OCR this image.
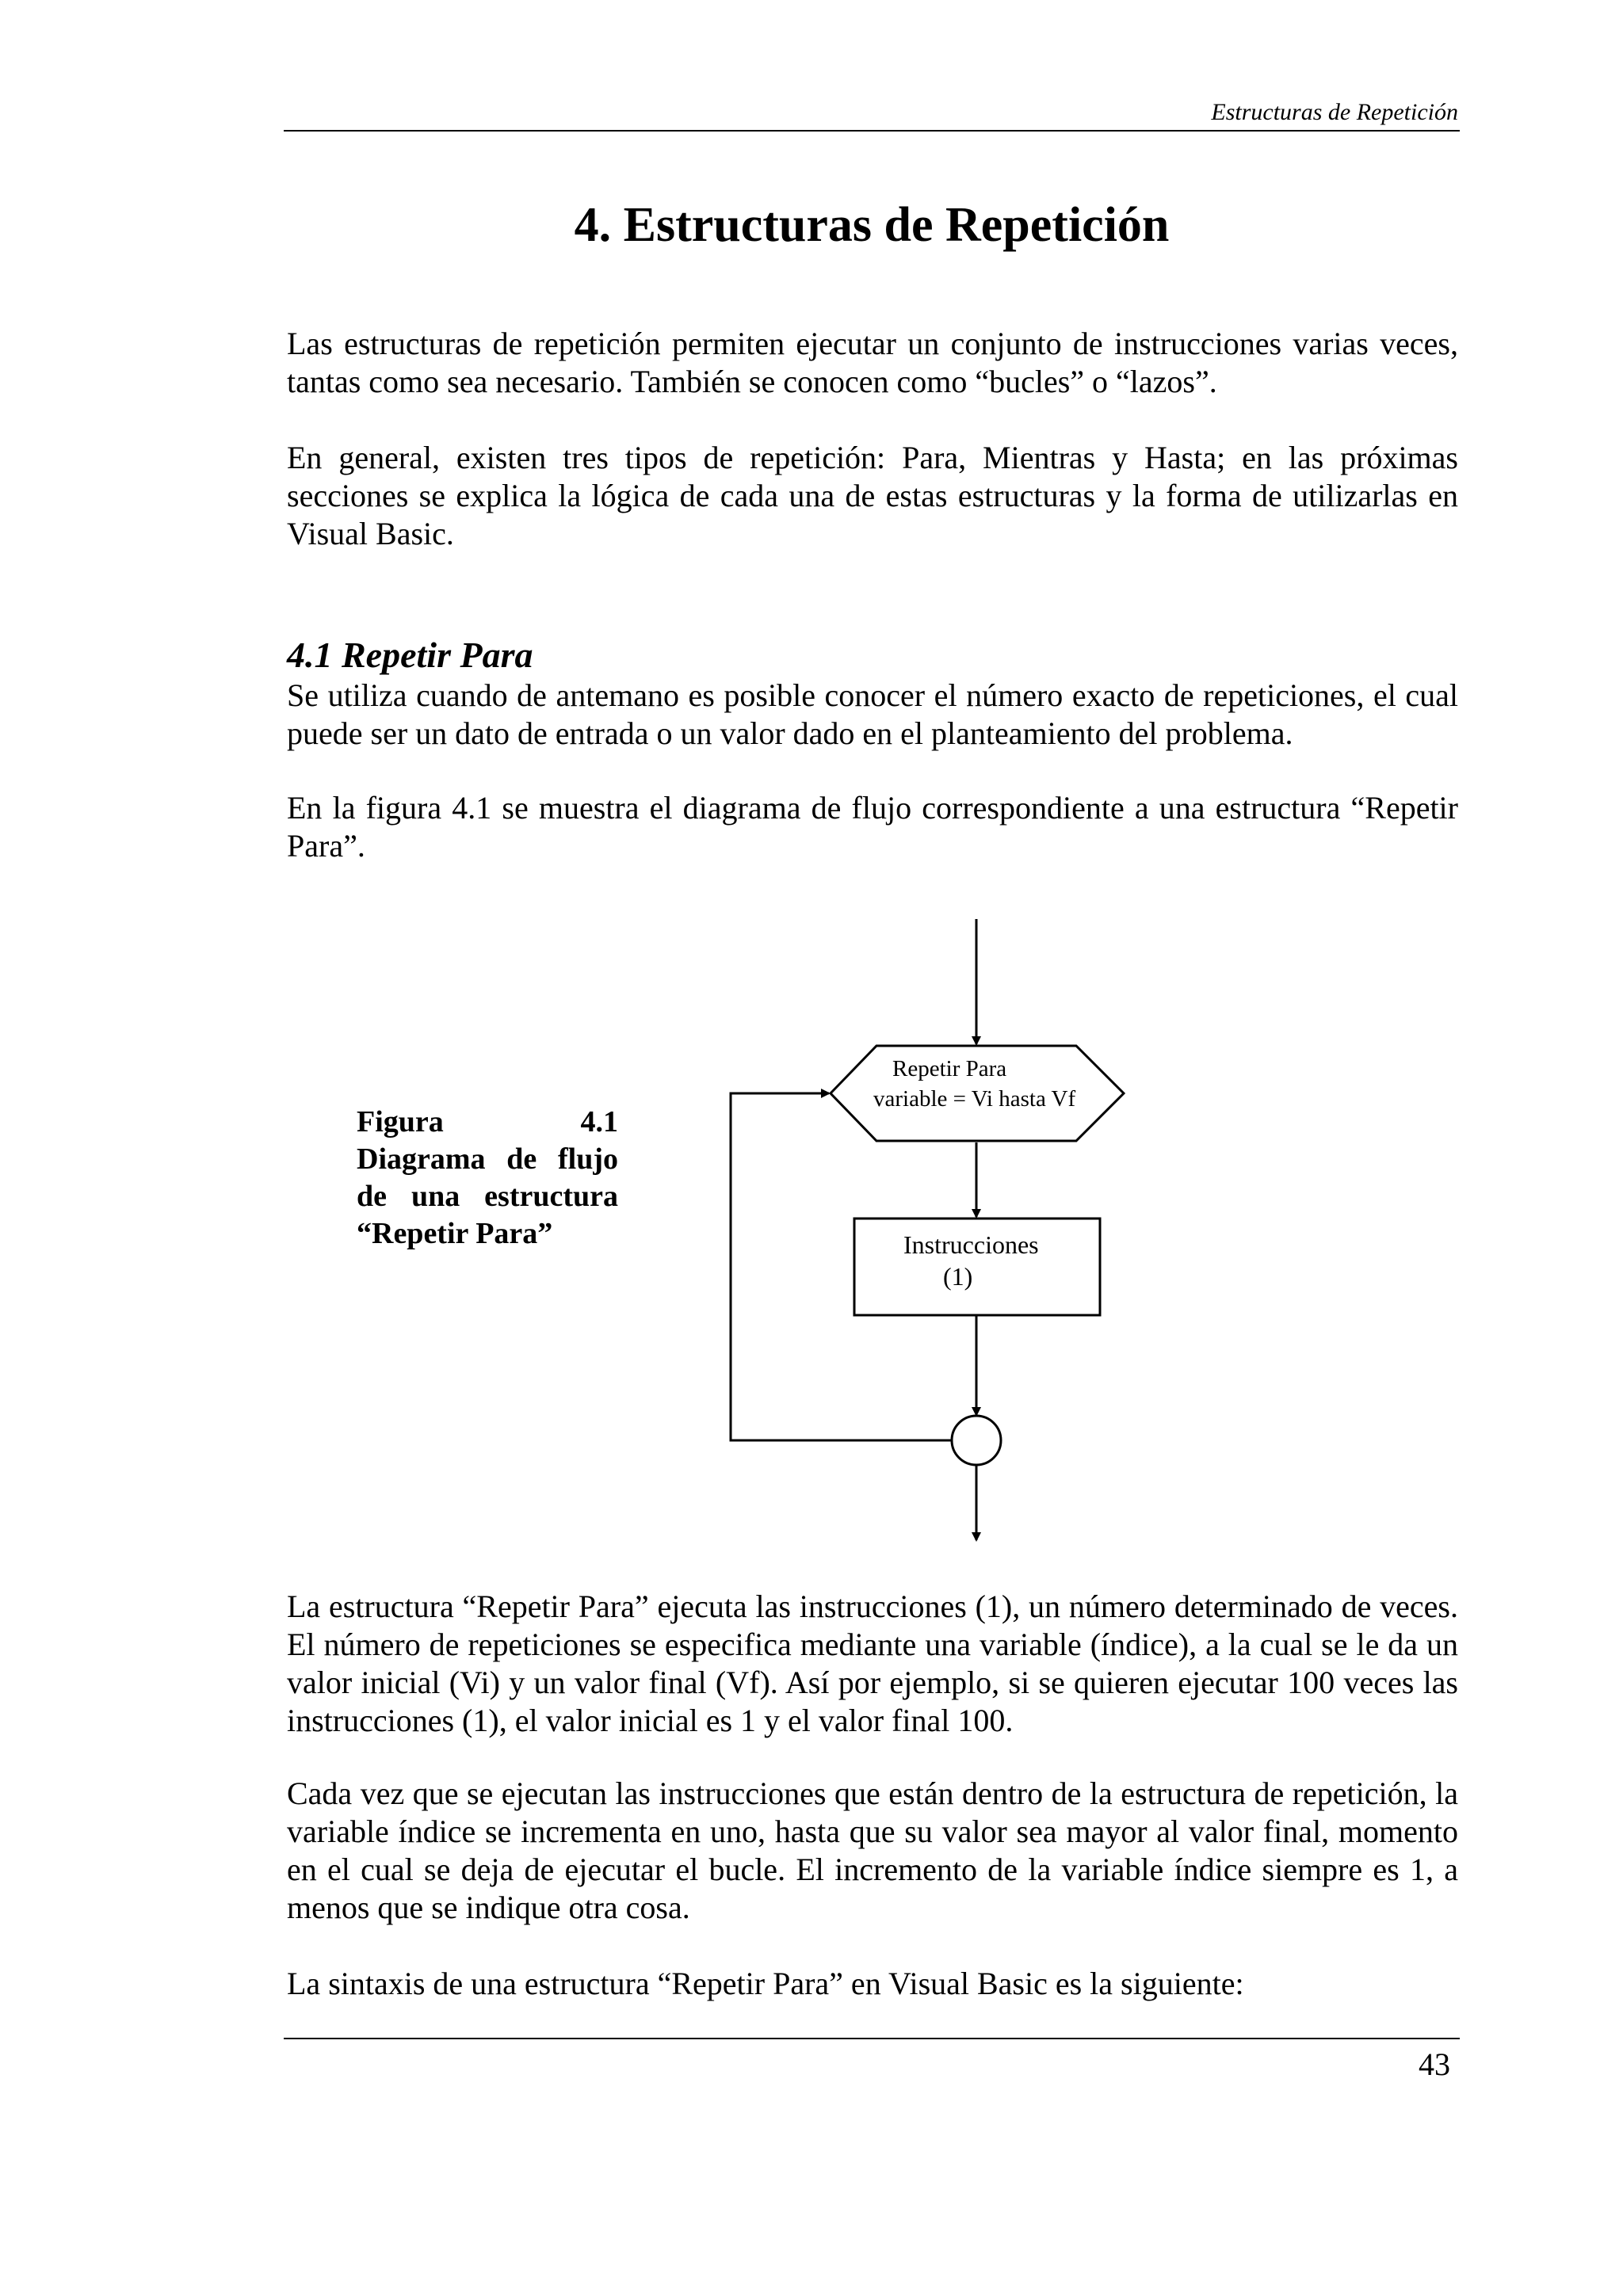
Estructuras de Repetición
4. Estructuras de Repetición

Las estructuras de repetición permiten ejecutar un conjunto de instrucciones varias veces, tantas como sea necesario. También se conocen como “bucles” o “lazos”.

En general, existen tres tipos de repetición: Para, Mientras y Hasta; en las próximas secciones se explica la lógica de cada una de estas estructuras y la forma de utilizarlas en Visual Basic.

4.1 Repetir Para

Se utiliza cuando de antemano es posible conocer el número exacto de repeticiones, el cual puede ser un dato de entrada o un valor dado en el planteamiento del problema.

En la figura 4.1 se muestra el diagrama de flujo correspondiente a una estructura “Repetir Para”.

Figura 4.1
Diagrama de flujo
de una estructura
“Repetir Para”
Repetir Para
variable = Vi hasta Vf
Instrucciones
(1)

La estructura “Repetir Para” ejecuta las instrucciones (1), un número determinado de veces. El número de repeticiones se especifica mediante una variable (índice), a la cual se le da un valor inicial (Vi) y un valor final (Vf). Así por ejemplo, si se quieren ejecutar 100 veces las instrucciones (1), el valor inicial es 1 y el valor final 100.

Cada vez que se ejecutan las instrucciones que están dentro de la estructura de repetición, la variable índice se incrementa en uno, hasta que su valor sea mayor al valor final, momento en el cual se deja de ejecutar el bucle. El incremento de la variable índice siempre es 1, a menos que se indique otra cosa.

La sintaxis de una estructura “Repetir Para” en Visual Basic es la siguiente:

43
